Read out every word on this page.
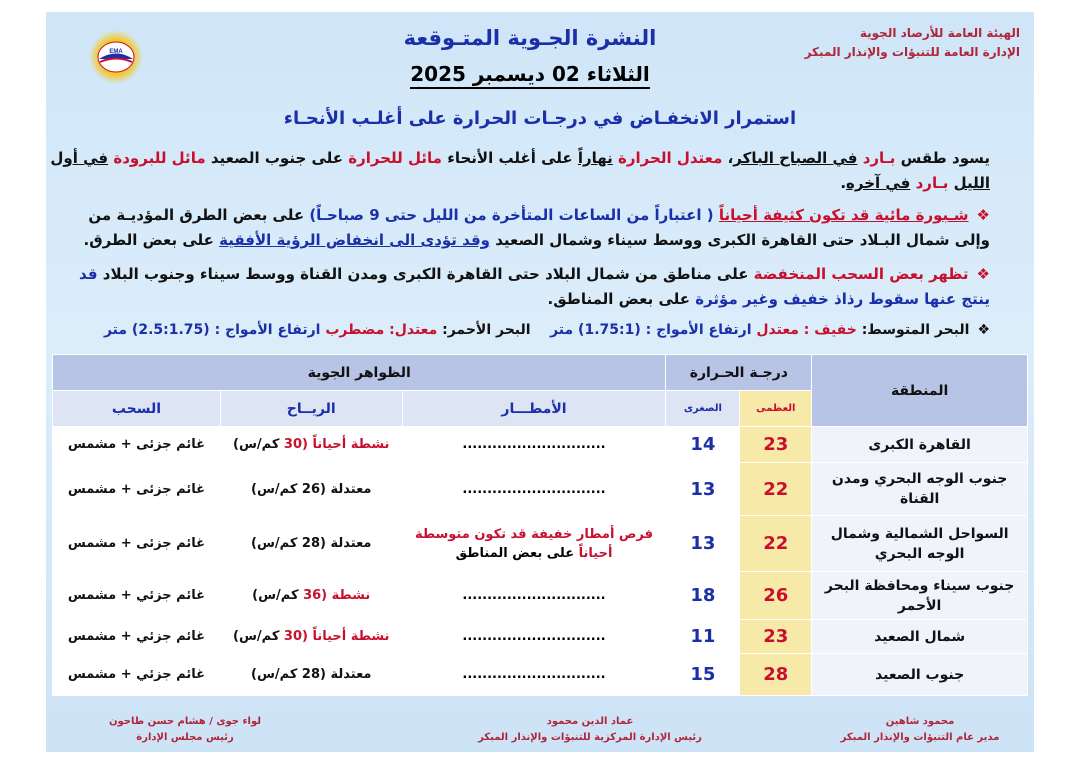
الهيئة العامة للأرصاد الجوية
الإدارة العامة للتنبؤات والإنذار المبكر
EMA
النشرة الجـوية المتـوقعة
الثلاثاء 02 ديسمبر 2025
استمرار الانخفـاض في درجـات الحرارة على أغلـب الأنحـاء
يسود طقس بـارد في الصباح الباكر، معتدل الحرارة نهاراً على أغلب الأنحاء مائل للحرارة على جنوب الصعيد مائل للبرودة في أول الليل بـارد في آخره.
❖شـبورة مائية قد تكون كثيفة أحياناً ( اعتباراً من الساعات المتأخرة من الليل حتى 9 صباحـاً) على بعض الطرق المؤديـة من وإلى شمال البـلاد حتى القاهرة الكبرى ووسط سيناء وشمال الصعيد وقد تؤدى الى انخفاض الرؤية الأفقية على بعض الطرق.
❖تظهر بعض السحب المنخفضة على مناطق من شمال البلاد حتى القاهرة الكبرى ومدن القناة ووسط سيناء وجنوب البلاد قد ينتج عنها سقوط رذاذ خفيف وغير مؤثرة على بعض المناطق.
❖البحر المتوسط: خفيف : معتدل ارتفاع الأمواج : (1.75:1) متر    البحر الأحمر: معتدل: مضطرب ارتفاع الأمواج : (2.5:1.75) متر
المنطقة	درجـة الحـرارة		الظواهر الجوية		
	العظمى	الصغرى	الأمطـــار	الريــاح	السحب
القاهرة الكبرى	23	14	.............................	نشطة أحياناً (30 كم/س)	غائم جزئى + مشمس
جنوب الوجه البحري ومدن القناة	22	13	.............................	معتدلة (26 كم/س)	غائم جزئى + مشمس
السواحل الشمالية وشمال الوجه البحري	22	13	فرص أمطار خفيفة قد تكون متوسطة أحياناً على بعض المناطق	معتدلة (28 كم/س)	غائم جزئى + مشمس
جنوب سيناء ومحافظة البحر الأحمر	26	18	.............................	نشطة (36 كم/س)	غائم جزئي + مشمس
شمال الصعيد	23	11	.............................	نشطة أحياناً (30 كم/س)	غائم جزئي + مشمس
جنوب الصعيد	28	15	.............................	معتدلة (28 كم/س)	غائم جزئي + مشمس
محمود شاهين
مدير عام التنبؤات والإنذار المبكر
عماد الدين محمود
رئيس الإدارة المركزية للتنبؤات والإنذار المبكر
لواء جوى / هشام حسن طاحون
رئيس مجلس الإدارة
